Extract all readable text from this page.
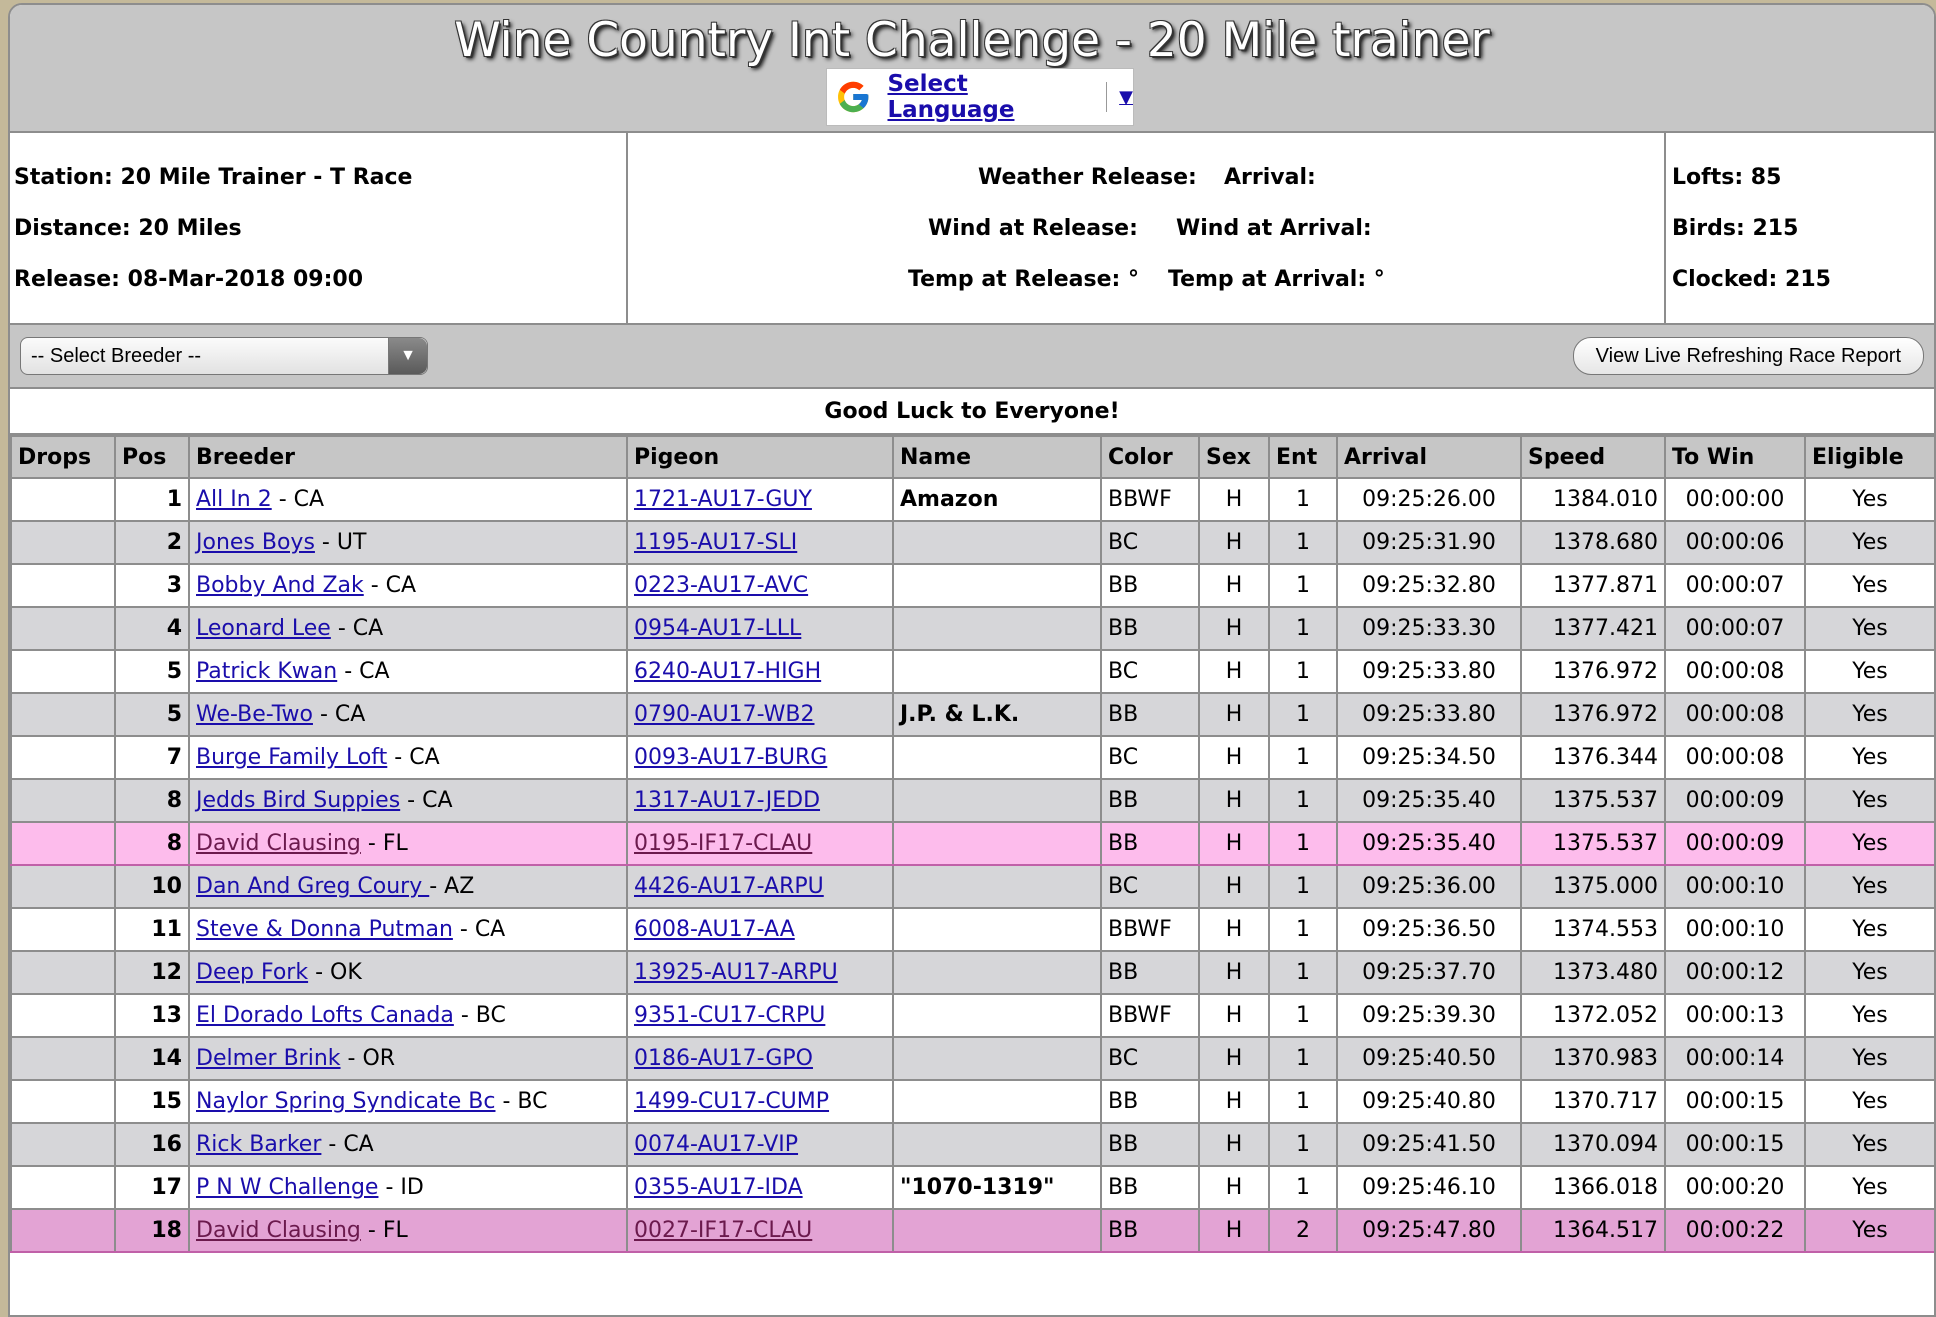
Wine Country Int Challenge - 20 Mile trainer
Select Language	▼
Station: 20 Mile Trainer - T Race
Distance: 20 Miles
Release: 08-Mar-2018 09:00
Weather Release: Arrival:
Wind at Release: Wind at Arrival:
Temp at Release: ° Temp at Arrival: °
Lofts: 85
Birds: 215
Clocked: 215
-- Select Breeder --	▼	View Live Refreshing Race Report
Good Luck to Everyone!
Drops	Pos	Breeder	Pigeon	Name	Color	Sex	Ent	Arrival	Speed	To Win	Eligible
	1	All In 2 - CA	1721-AU17-GUY	Amazon	BBWF	H	1	09:25:26.00	1384.010	00:00:00	Yes
	2	Jones Boys - UT	1195-AU17-SLI		BC	H	1	09:25:31.90	1378.680	00:00:06	Yes
	3	Bobby And Zak - CA	0223-AU17-AVC		BB	H	1	09:25:32.80	1377.871	00:00:07	Yes
	4	Leonard Lee - CA	0954-AU17-LLL		BB	H	1	09:25:33.30	1377.421	00:00:07	Yes
	5	Patrick Kwan - CA	6240-AU17-HIGH		BC	H	1	09:25:33.80	1376.972	00:00:08	Yes
	5	We-Be-Two - CA	0790-AU17-WB2	J.P. & L.K.	BB	H	1	09:25:33.80	1376.972	00:00:08	Yes
	7	Burge Family Loft - CA	0093-AU17-BURG		BC	H	1	09:25:34.50	1376.344	00:00:08	Yes
	8	Jedds Bird Suppies - CA	1317-AU17-JEDD		BB	H	1	09:25:35.40	1375.537	00:00:09	Yes
	8	David Clausing - FL	0195-IF17-CLAU		BB	H	1	09:25:35.40	1375.537	00:00:09	Yes
	10	Dan And Greg Coury - AZ	4426-AU17-ARPU		BC	H	1	09:25:36.00	1375.000	00:00:10	Yes
	11	Steve & Donna Putman - CA	6008-AU17-AA		BBWF	H	1	09:25:36.50	1374.553	00:00:10	Yes
	12	Deep Fork - OK	13925-AU17-ARPU		BB	H	1	09:25:37.70	1373.480	00:00:12	Yes
	13	El Dorado Lofts Canada - BC	9351-CU17-CRPU		BBWF	H	1	09:25:39.30	1372.052	00:00:13	Yes
	14	Delmer Brink - OR	0186-AU17-GPO		BC	H	1	09:25:40.50	1370.983	00:00:14	Yes
	15	Naylor Spring Syndicate Bc - BC	1499-CU17-CUMP		BB	H	1	09:25:40.80	1370.717	00:00:15	Yes
	16	Rick Barker - CA	0074-AU17-VIP		BB	H	1	09:25:41.50	1370.094	00:00:15	Yes
	17	P N W Challenge - ID	0355-AU17-IDA	"1070-1319"	BB	H	1	09:25:46.10	1366.018	00:00:20	Yes
	18	David Clausing - FL	0027-IF17-CLAU		BB	H	2	09:25:47.80	1364.517	00:00:22	Yes
